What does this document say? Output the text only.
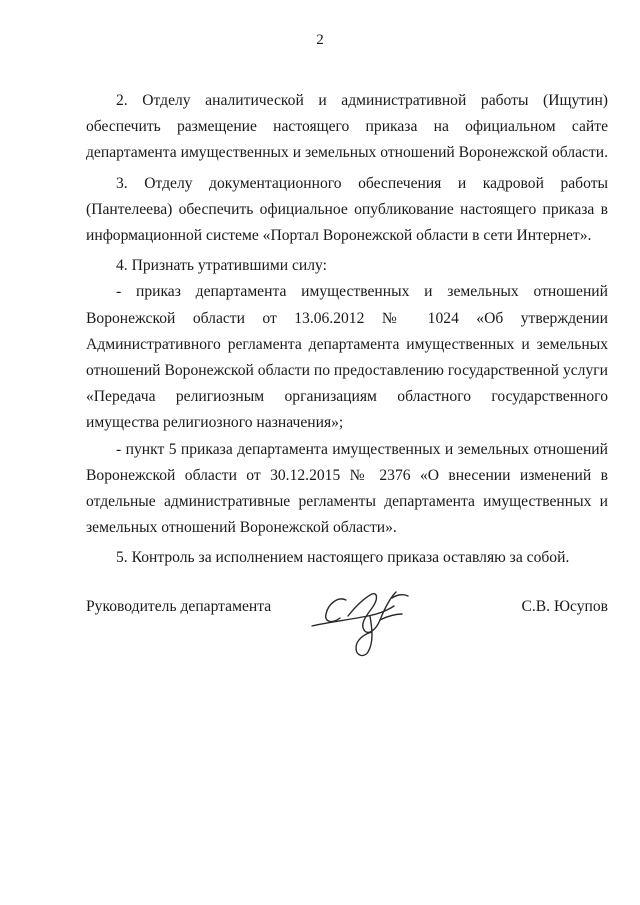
2

2. Отделу аналитической и административной работы (Ищутин) обеспечить размещение настоящего приказа на официальном сайте департамента имущественных и земельных отношений Воронежской области.

3. Отделу документационного обеспечения и кадровой работы (Пантелеева) обеспечить официальное опубликование настоящего приказа в информационной системе «Портал Воронежской области в сети Интернет».

4. Признать утратившими силу:

- приказ департамента имущественных и земельных отношений Воронежской области от 13.06.2012 № 1024 «Об утверждении Административного регламента департамента имущественных и земельных отношений Воронежской области по предоставлению государственной услуги «Передача религиозным организациям областного государственного имущества религиозного назначения»;

- пункт 5 приказа департамента имущественных и земельных отношений Воронежской области от 30.12.2015 № 2376 «О внесении изменений в отдельные административные регламенты департамента имущественных и земельных отношений Воронежской области».

5. Контроль за исполнением настоящего приказа оставляю за собой.

Руководитель департамента	С.В. Юсупов
